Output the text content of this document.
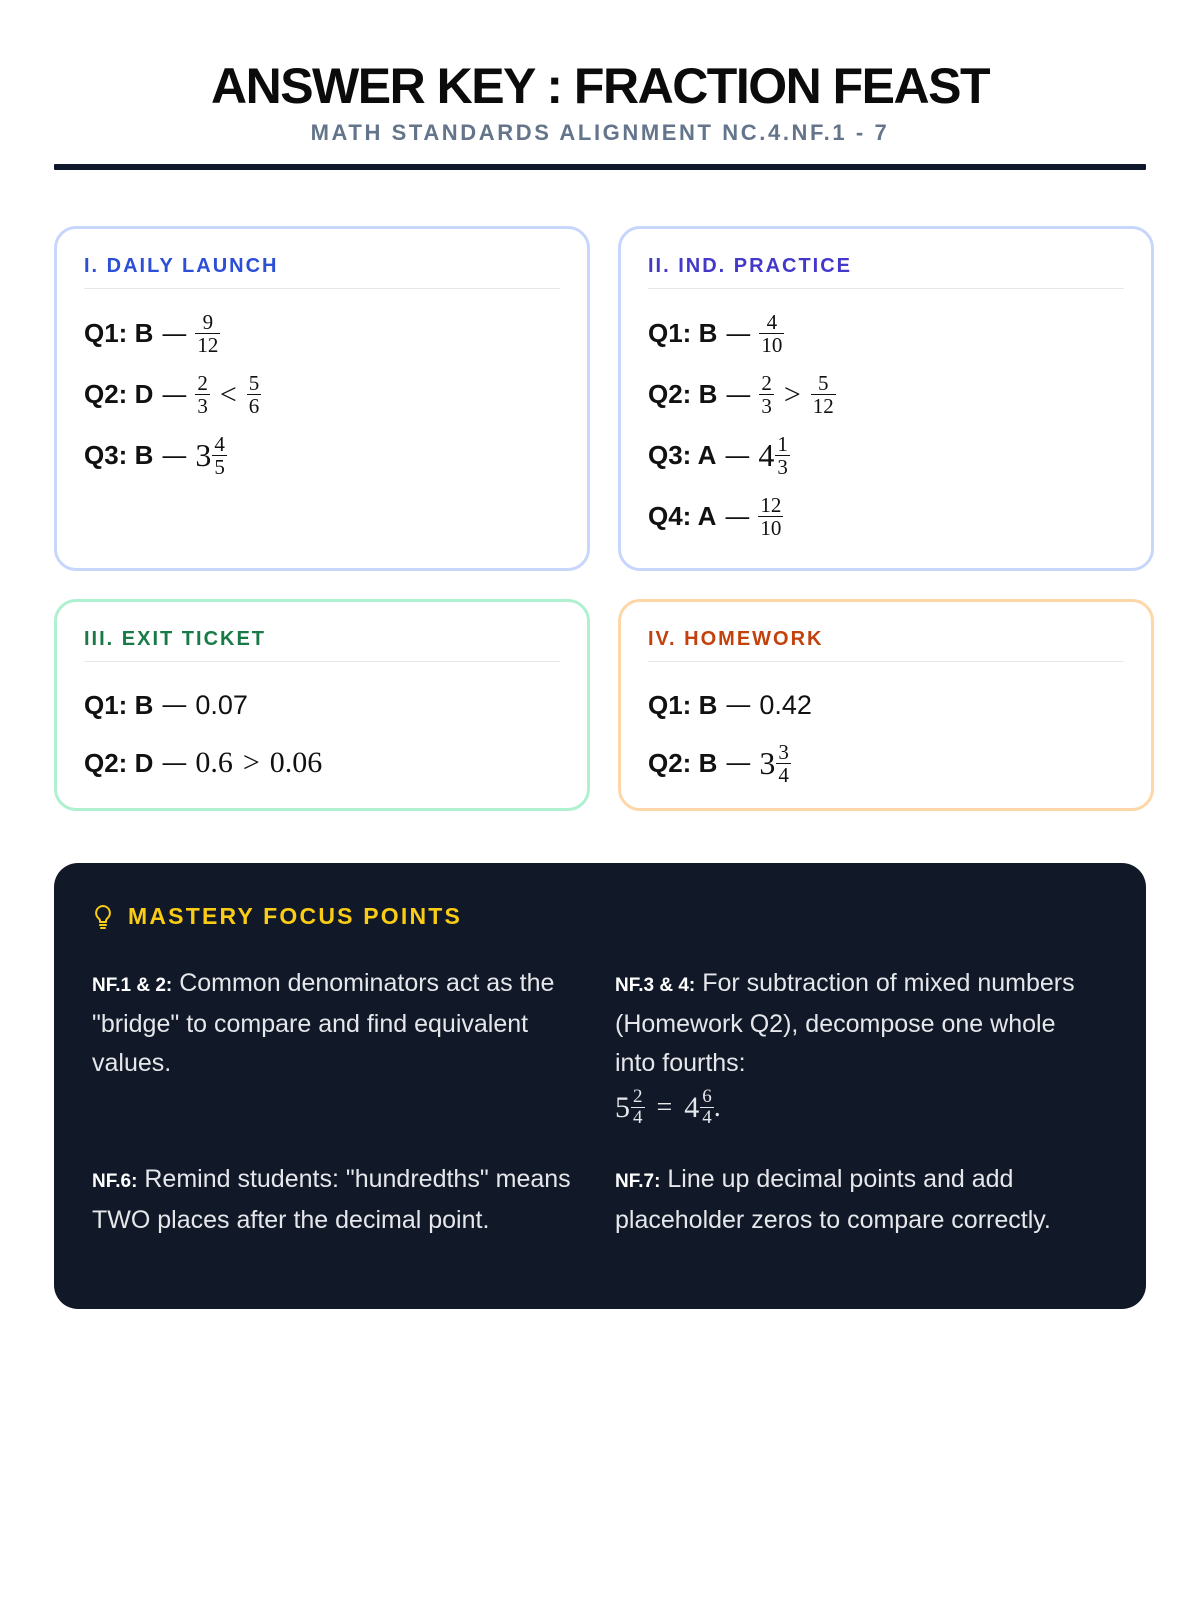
ANSWER KEY : FRACTION FEAST
MATH STANDARDS ALIGNMENT NC.4.NF.1 - 7
I. DAILY LAUNCH
Q1: B — $\frac{9}{12}$
Q2: D — $\frac{2}{3} < \frac{5}{6}$
Q3: B — $3 \frac{4}{5}$
II. IND. PRACTICE
Q1: B — $\frac{4}{10}$
Q2: B — $\frac{2}{3} > \frac{5}{12}$
Q3: A — $4 \frac{1}{3}$
Q4: A — $\frac{12}{10}$
III. EXIT TICKET
Q1: B — 0.07
Q2: D — 0.6 > 0.06
IV. HOMEWORK
Q1: B — 0.42
Q2: B — $3 \frac{3}{4}$
MASTERY FOCUS POINTS
NF.1 & 2: Common denominators act as the "bridge" to compare and find equivalent values.
NF.3 & 4: For subtraction of mixed numbers (Homework Q2), decompose one whole into fourths:
$5 \frac{2}{4} = 4 \frac{6}{4}$ .
NF.6: Remind students: "hundredths" means TWO places after the decimal point.
NF.7: Line up decimal points and add placeholder zeros to compare correctly.
